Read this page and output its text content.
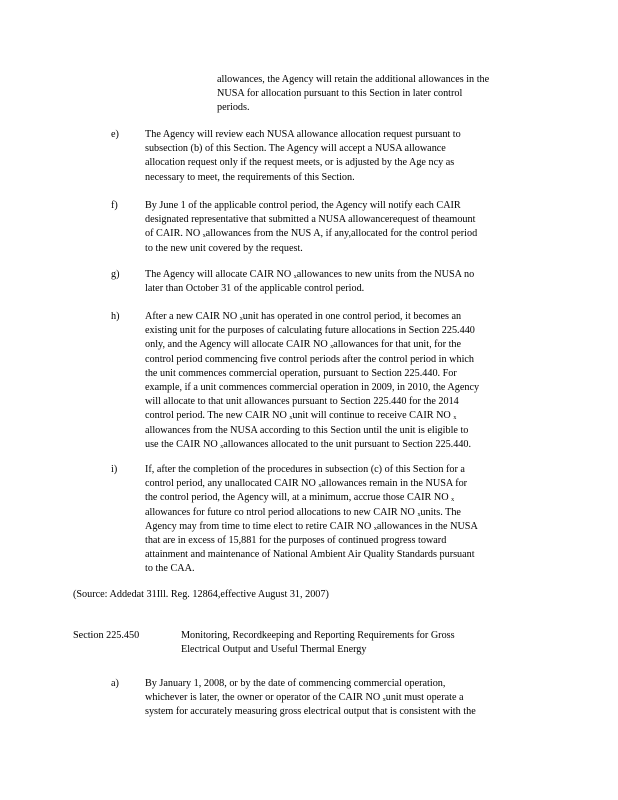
allowances, the Agency will retain the additional allowances in the
NUSA for allocation pursuant to this Section in later control
periods.
e)	The Agency will review each NUSA allowance allocation request pursuant to
subsection (b) of this Section. The Agency will accept a NUSA allowance
allocation request only if the request meets, or is adjusted by the Age ncy as
necessary to meet, the requirements of this Section.
f)	By June 1 of the applicable control period, the Agency will notify each CAIR
designated representative that submitted a NUSA allowancerequest of theamount
of CAIR. NO ₓallowances from the NUS A, if any,allocated for the control period
to the new unit covered by the request.
g)	The Agency will allocate CAIR NO ₓallowances to new units from the NUSA no
later than October 31 of the applicable control period.
h)	After a new CAIR NO ₓunit has operated in one control period, it becomes an
existing unit for the purposes of calculating future allocations in Section 225.440
only, and the Agency will allocate CAIR NO ₓallowances for that unit, for the
control period commencing five control periods after the control period in which
the unit commences commercial operation, pursuant to Section 225.440. For
example, if a unit commences commercial operation in 2009, in 2010, the Agency
will allocate to that unit allowances pursuant to Section 225.440 for the 2014
control period. The new CAIR NO ₓunit will continue to receive CAIR NO ₓ
allowances from the NUSA according to this Section until the unit is eligible to
use the CAIR NO ₓallowances allocated to the unit pursuant to Section 225.440.
i)	If, after the completion of the procedures in subsection (c) of this Section for a
control period, any unallocated CAIR NO ₓallowances remain in the NUSA for
the control period, the Agency will, at a minimum, accrue those CAIR NO ₓ
allowances for future co ntrol period allocations to new CAIR NO ₓunits. The
Agency may from time to time elect to retire CAIR NO ₓallowances in the NUSA
that are in excess of 15,881 for the purposes of continued progress toward
attainment and maintenance of National Ambient Air Quality Standards pursuant
to the CAA.
(Source: Addedat 31Ill. Reg. 12864,effective August 31, 2007)
Section 225.450	Monitoring, Recordkeeping and Reporting Requirements for Gross
Electrical Output and Useful Thermal Energy
a)	By January 1, 2008, or by the date of commencing commercial operation,
whichever is later, the owner or operator of the CAIR NO ₓunit must operate a
system for accurately measuring gross electrical output that is consistent with the
